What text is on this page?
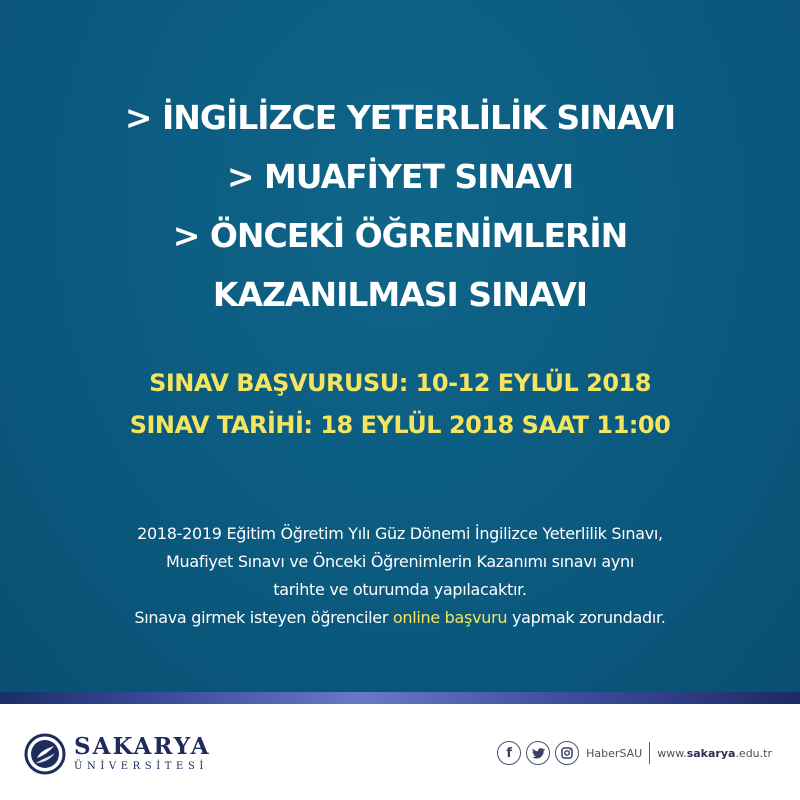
> İNGİLİZCE YETERLİLİK SINAVI
> MUAFİYET SINAVI
> ÖNCEKİ ÖĞRENİMLERİN
KAZANILMASI SINAVI
SINAV BAŞVURUSU: 10-12 EYLÜL 2018
SINAV TARİHİ: 18 EYLÜL 2018 SAAT 11:00
2018-2019 Eğitim Öğretim Yılı Güz Dönemi İngilizce Yeterlilik Sınavı,
Muafiyet Sınavı ve Önceki Öğrenimlerin Kazanımı sınavı aynı
tarihte ve oturumda yapılacaktır.
Sınava girmek isteyen öğrenciler online başvuru yapmak zorundadır.
SAKARYA
ÜNİVERSİTESİ
f	HaberSAU www.sakarya.edu.tr
